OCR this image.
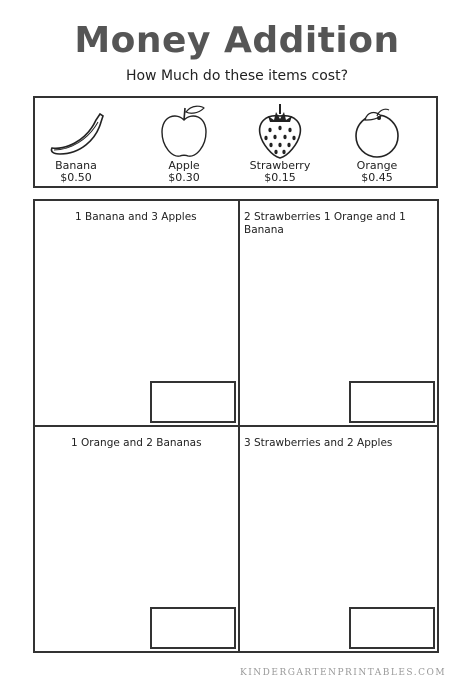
Money Addition
How Much do these items cost?
Banana
$0.50
Apple
$0.30
Strawberry
$0.15
Orange
$0.45
1 Banana and 3 Apples	2 Strawberries 1 Orange and 1 Banana
1 Orange and 2 Bananas	3 Strawberries and 2 Apples
KINDERGARTENPRINTABLES.COM
